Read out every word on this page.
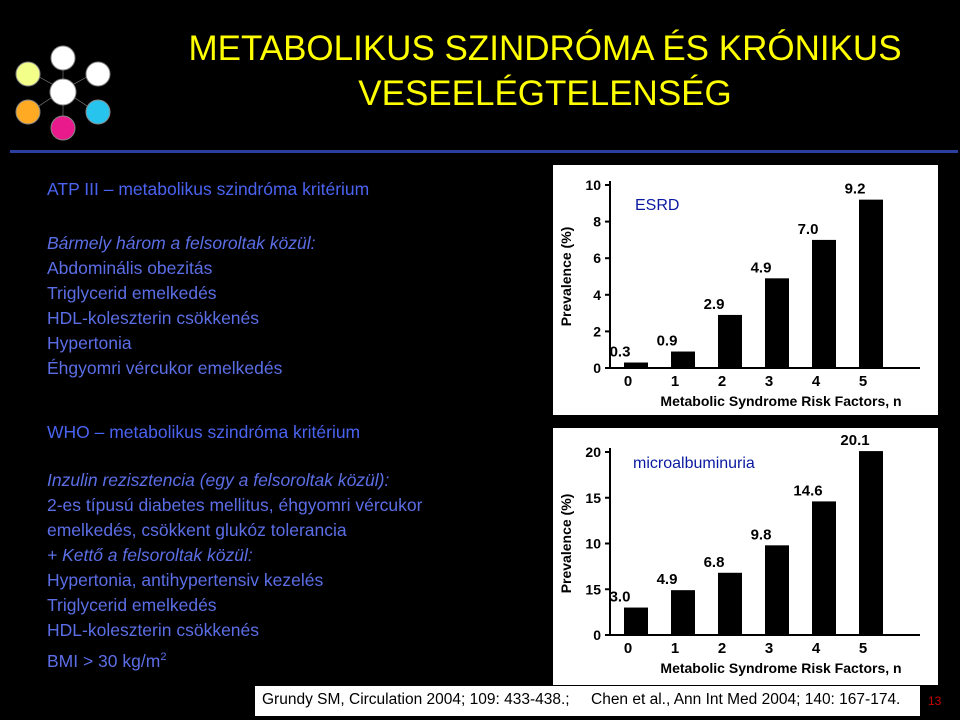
METABOLIKUS SZINDRÓMA ÉS KRÓNIKUS
VESEELÉGTELENSÉG
ATP III – metabolikus szindróma kritérium
Bármely három a felsoroltak közül:
Abdominális obezitás
Triglycerid emelkedés
HDL-koleszterin csökkenés
Hypertonia
Éhgyomri vércukor emelkedés
WHO – metabolikus szindróma kritérium
Inzulin rezisztencia (egy a felsoroltak közül):
2-es típusú diabetes mellitus, éhgyomri vércukor
emelkedés, csökkent glukóz tolerancia
+ Kettő a felsoroltak közül:
Hypertonia, antihypertensiv kezelés
Triglycerid emelkedés
HDL-koleszterin csökkenés
BMI > 30 $kg/m^2$
0
2
4
6
8
10
Prevalence (%)
0.3
0
0.9
1
2.9
2
4.9
3
7.0
4
9.2
5
Metabolic Syndrome Risk Factors, n
ESRD
0
15
10
15
20
Prevalence (%)
3.0
0
4.9
1
6.8
2
9.8
3
14.6
4
20.1
5
Metabolic Syndrome Risk Factors, n
microalbuminuria
Grundy SM, Circulation 2004; 109: 433-438.; Chen et al., Ann Int Med 2004; 140: 167-174. 13
